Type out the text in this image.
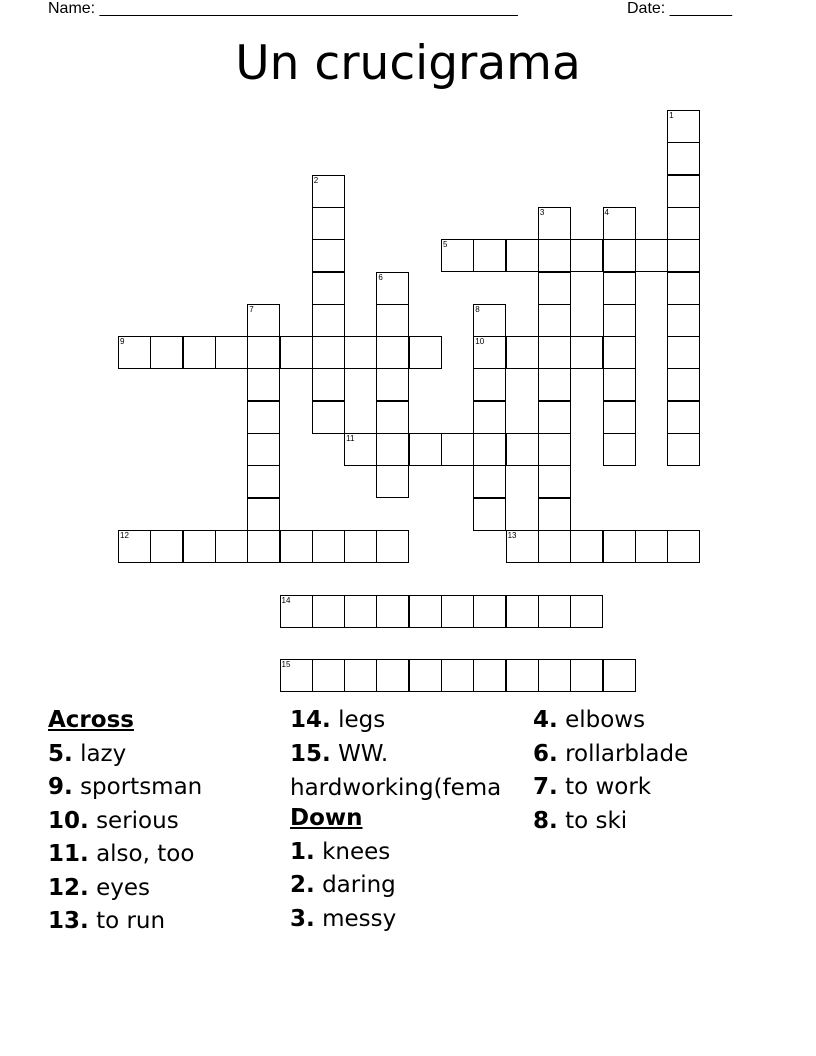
Name: _______________________________________________	Date: _______
Un crucigrama
1
2
3	4
5
6
7	8
10
9
11
12	13
14
15
Across
5. lazy
9. sportsman
10. serious
11. also, too
12. eyes
13. to run
14. legs
15. WW.
hardworking(fema
Down
1. knees
2. daring
3. messy
4. elbows
6. rollarblade
7. to work
8. to ski
